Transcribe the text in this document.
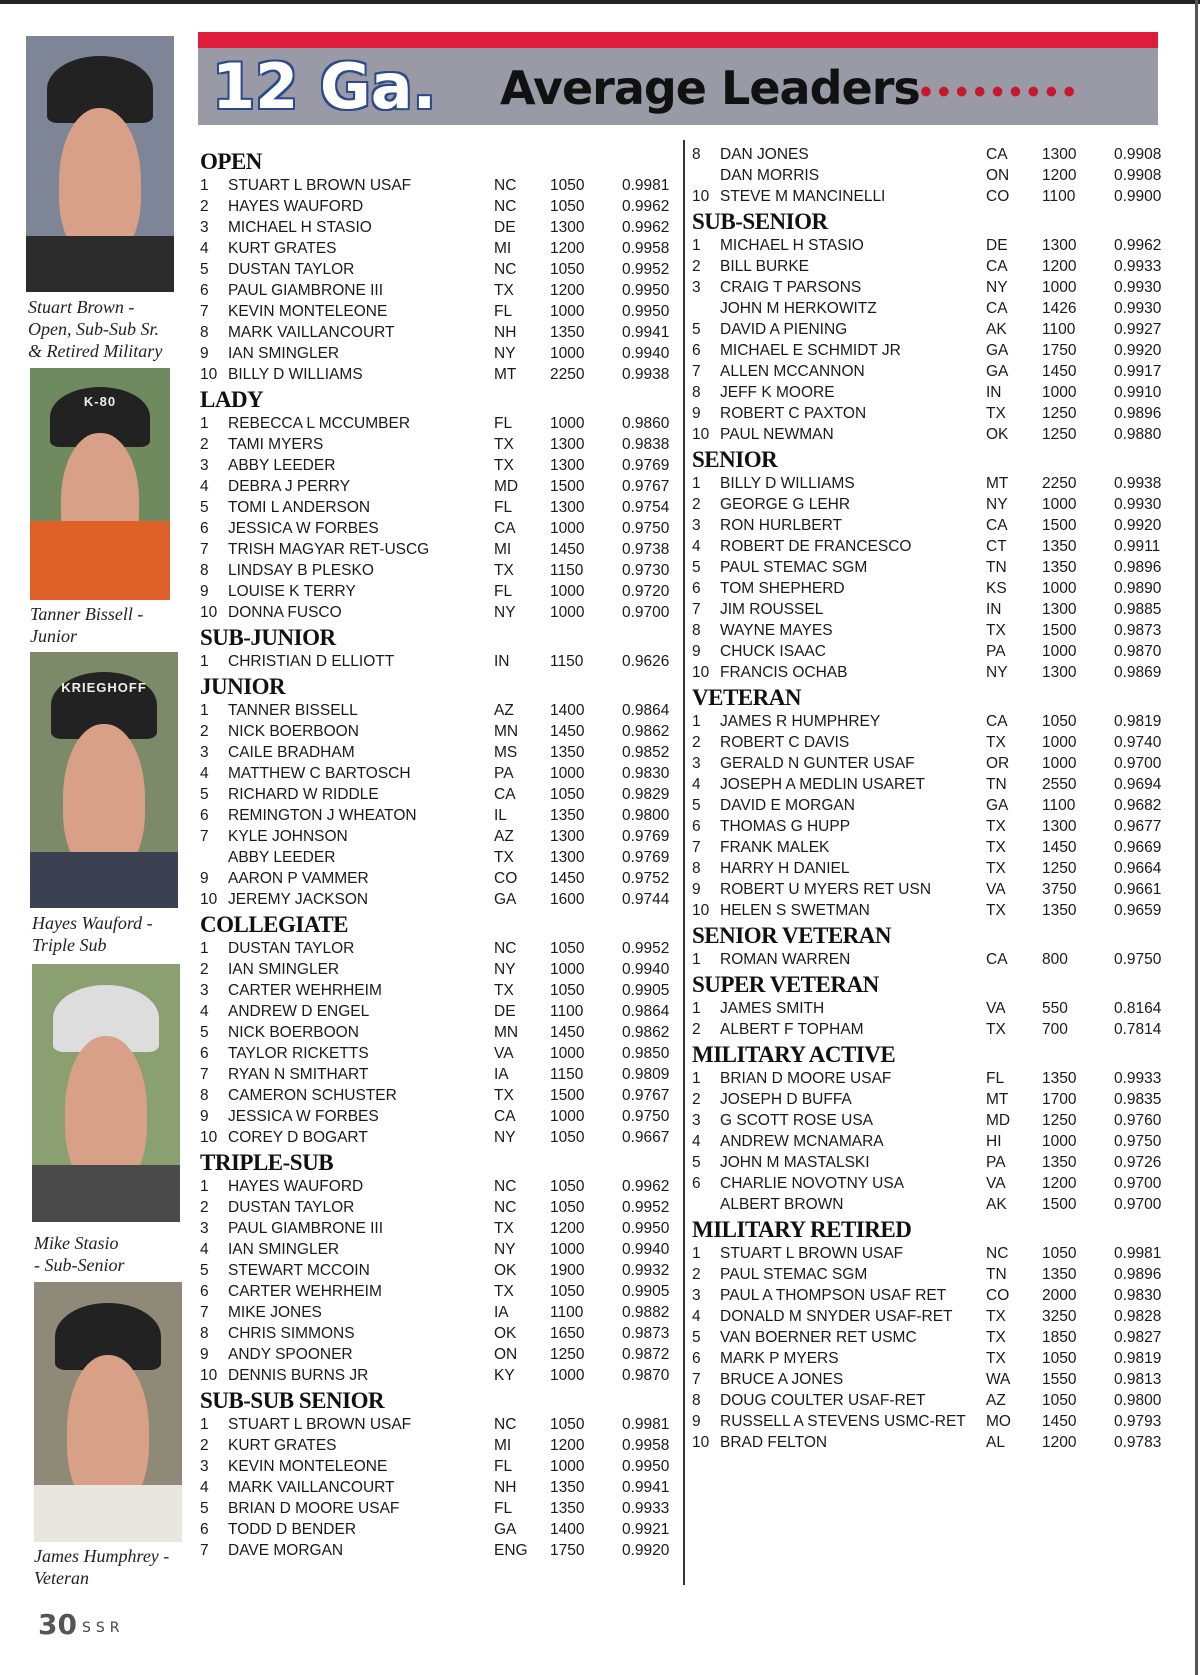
Stuart Brown -
Open, Sub-Sub Sr.
& Retired Military
K-80
Tanner Bissell -
Junior
KRIEGHOFF
Hayes Wauford -
Triple Sub
Mike Stasio
- Sub-Senior
James Humphrey -
Veteran
12 Ga. Average Leaders •••••••••
OPEN
1 STUART L BROWN USAF	NC 1050 0.9981
2 HAYES WAUFORD	NC 1050 0.9962
3 MICHAEL H STASIO	DE 1300 0.9962
4 KURT GRATES	MI	1200 0.9958
5 DUSTAN TAYLOR	NC 1050 0.9952
6 PAUL GIAMBRONE III	TX 1200 0.9950
7 KEVIN MONTELEONE	FL 1000 0.9950
8 MARK VAILLANCOURT	NH 1350 0.9941
9 IAN SMINGLER	NY 1000 0.9940
10 BILLY D WILLIAMS	MT 2250 0.9938
LADY
1 REBECCA L MCCUMBER	FL 1000 0.9860
2 TAMI MYERS	TX 1300 0.9838
3 ABBY LEEDER	TX 1300 0.9769
4 DEBRA J PERRY	MD 1500 0.9767
5 TOMI L ANDERSON	FL 1300 0.9754
6 JESSICA W FORBES	CA 1000 0.9750
7 TRISH MAGYAR RET-USCG	MI	1450 0.9738
8 LINDSAY B PLESKO	TX 1150 0.9730
9 LOUISE K TERRY	FL 1000 0.9720
10 DONNA FUSCO	NY 1000 0.9700
SUB-JUNIOR
1 CHRISTIAN D ELLIOTT	IN	1150 0.9626
JUNIOR
1 TANNER BISSELL	AZ 1400 0.9864
2 NICK BOERBOON	MN 1450 0.9862
3 CAILE BRADHAM	MS 1350 0.9852
4 MATTHEW C BARTOSCH	PA 1000 0.9830
5 RICHARD W RIDDLE	CA 1050 0.9829
6 REMINGTON J WHEATON	IL	1350 0.9800
7 KYLE JOHNSON	AZ 1300 0.9769
ABBY LEEDER	TX 1300 0.9769
9 AARON P VAMMER	CO 1450 0.9752
10 JEREMY JACKSON	GA 1600 0.9744
COLLEGIATE
1 DUSTAN TAYLOR	NC 1050 0.9952
2 IAN SMINGLER	NY 1000 0.9940
3 CARTER WEHRHEIM	TX 1050 0.9905
4 ANDREW D ENGEL	DE 1100 0.9864
5 NICK BOERBOON	MN 1450 0.9862
6 TAYLOR RICKETTS	VA 1000 0.9850
7 RYAN N SMITHART	IA	1150 0.9809
8 CAMERON SCHUSTER	TX 1500 0.9767
9 JESSICA W FORBES	CA 1000 0.9750
10 COREY D BOGART	NY 1050 0.9667
TRIPLE-SUB
1 HAYES WAUFORD	NC 1050 0.9962
2 DUSTAN TAYLOR	NC 1050 0.9952
3 PAUL GIAMBRONE III	TX 1200 0.9950
4 IAN SMINGLER	NY 1000 0.9940
5 STEWART MCCOIN	OK 1900 0.9932
6 CARTER WEHRHEIM	TX 1050 0.9905
7 MIKE JONES	IA	1100 0.9882
8 CHRIS SIMMONS	OK 1650 0.9873
9 ANDY SPOONER	ON 1250 0.9872
10 DENNIS BURNS JR	KY 1000 0.9870
SUB-SUB SENIOR
1 STUART L BROWN USAF	NC 1050 0.9981
2 KURT GRATES	MI	1200 0.9958
3 KEVIN MONTELEONE	FL 1000 0.9950
4 MARK VAILLANCOURT	NH 1350 0.9941
5 BRIAN D MOORE USAF	FL 1350 0.9933
6 TODD D BENDER	GA 1400 0.9921
7 DAVE MORGAN	ENG 1750 0.9920
8 DAN JONES	CA 1300 0.9908
DAN MORRIS	ON 1200 0.9908
10 STEVE M MANCINELLI	CO 1100 0.9900
SUB-SENIOR
1 MICHAEL H STASIO	DE 1300 0.9962
2 BILL BURKE	CA 1200 0.9933
3 CRAIG T PARSONS	NY 1000 0.9930
JOHN M HERKOWITZ	CA 1426 0.9930
5 DAVID A PIENING	AK 1100 0.9927
6 MICHAEL E SCHMIDT JR	GA 1750 0.9920
7 ALLEN MCCANNON	GA 1450 0.9917
8 JEFF K MOORE	IN	1000 0.9910
9 ROBERT C PAXTON	TX 1250 0.9896
10 PAUL NEWMAN	OK 1250 0.9880
SENIOR
1 BILLY D WILLIAMS	MT 2250 0.9938
2 GEORGE G LEHR	NY 1000 0.9930
3 RON HURLBERT	CA 1500 0.9920
4 ROBERT DE FRANCESCO	CT 1350 0.9911
5 PAUL STEMAC SGM	TN 1350 0.9896
6 TOM SHEPHERD	KS 1000 0.9890
7 JIM ROUSSEL	IN	1300 0.9885
8 WAYNE MAYES	TX 1500 0.9873
9 CHUCK ISAAC	PA 1000 0.9870
10 FRANCIS OCHAB	NY 1300 0.9869
VETERAN
1 JAMES R HUMPHREY	CA 1050 0.9819
2 ROBERT C DAVIS	TX 1000 0.9740
3 GERALD N GUNTER USAF	OR 1000 0.9700
4 JOSEPH A MEDLIN USARET	TN 2550 0.9694
5 DAVID E MORGAN	GA 1100 0.9682
6 THOMAS G HUPP	TX 1300 0.9677
7 FRANK MALEK	TX 1450 0.9669
8 HARRY H DANIEL	TX 1250 0.9664
9 ROBERT U MYERS RET USN	VA 3750 0.9661
10 HELEN S SWETMAN	TX 1350 0.9659
SENIOR VETERAN
1 ROMAN WARREN	CA 800	0.9750
SUPER VETERAN
1 JAMES SMITH	VA 550	0.8164
2 ALBERT F TOPHAM	TX 700	0.7814
MILITARY ACTIVE
1 BRIAN D MOORE USAF	FL 1350 0.9933
2 JOSEPH D BUFFA	MT 1700 0.9835
3 G SCOTT ROSE USA	MD 1250 0.9760
4 ANDREW MCNAMARA	HI	1000 0.9750
5 JOHN M MASTALSKI	PA 1350 0.9726
6 CHARLIE NOVOTNY USA	VA 1200 0.9700
ALBERT BROWN	AK 1500 0.9700
MILITARY RETIRED
1 STUART L BROWN USAF	NC 1050 0.9981
2 PAUL STEMAC SGM	TN 1350 0.9896
3 PAUL A THOMPSON USAF RET	CO 2000 0.9830
4 DONALD M SNYDER USAF-RET TX 3250 0.9828
5 VAN BOERNER RET USMC	TX 1850 0.9827
6 MARK P MYERS	TX 1050 0.9819
7 BRUCE A JONES	WA 1550 0.9813
8 DOUG COULTER USAF-RET	AZ 1050 0.9800
9 RUSSELL A STEVENS USMC-RET MO 1450 0.9793
10 BRAD FELTON	AL 1200 0.9783
30 SSR
